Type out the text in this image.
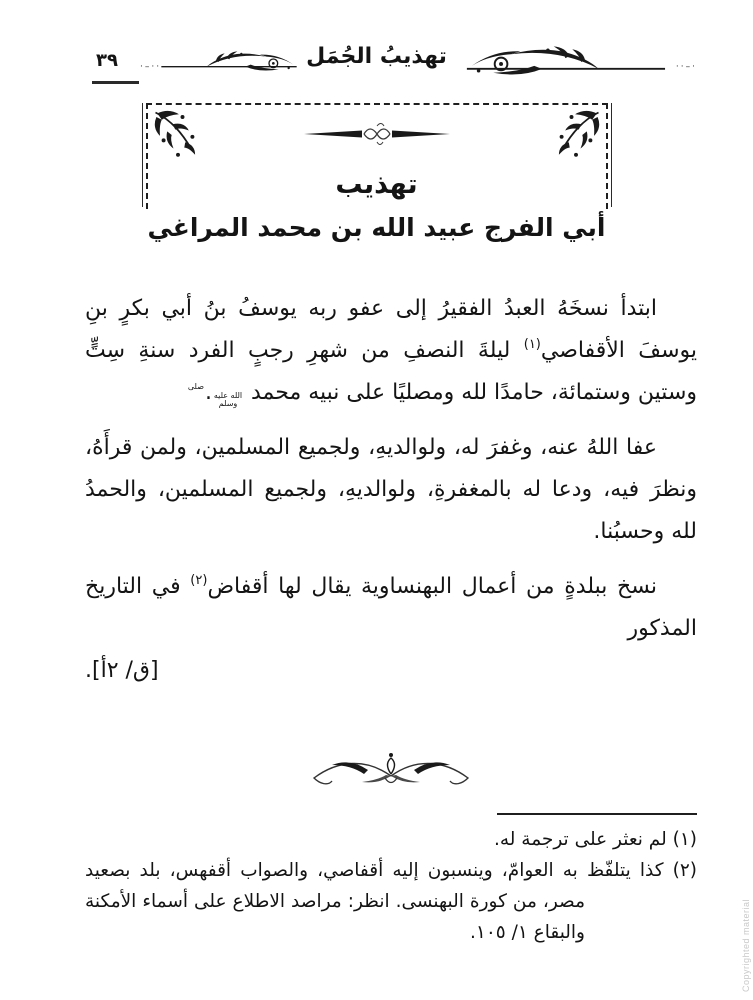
٣٩ ·–··	تهذيبُ الجُمَل	··–·
تهذيب
أبي الفرج عبيد الله بن محمد المراغي

ابتدأ نسخَهُ العبدُ الفقيرُ إلى عفو ربه يوسفُ بنُ أبي بكرٍ بنِ يوسفَ الأقفاصي$^{(١)}$ ليلةَ النصفِ من شهرِ رجبٍ الفرد سنةِ سِتٍّ وستين وستمائة، حامدًا لله ومصليًا على نبيه محمد صلى الله عليه وسلم.

عفا اللهُ عنه، وغفرَ له، ولوالديهِ، ولجميع المسلمين، ولمن قرأَهُ، ونظرَ فيه، ودعا له بالمغفرةِ، ولوالديهِ، ولجميع المسلمين، والحمدُ لله وحسبُنا.

نسخ ببلدةٍ من أعمال البهنساوية يقال لها أقفاض$^{(٢)}$ في التاريخ المذكور

[ق/ ٢أ].

(١) لم نعثر على ترجمة له.

(٢) كذا يتلفّظ به العوامّ، وينسبون إليه أقفاصي، والصواب أقفهس، بلد بصعيد مصر، من كورة البهنسى. انظر: مراصد الاطلاع على أسماء الأمكنة والبقاع ١/ ١٠٥.	Copyrighted material
